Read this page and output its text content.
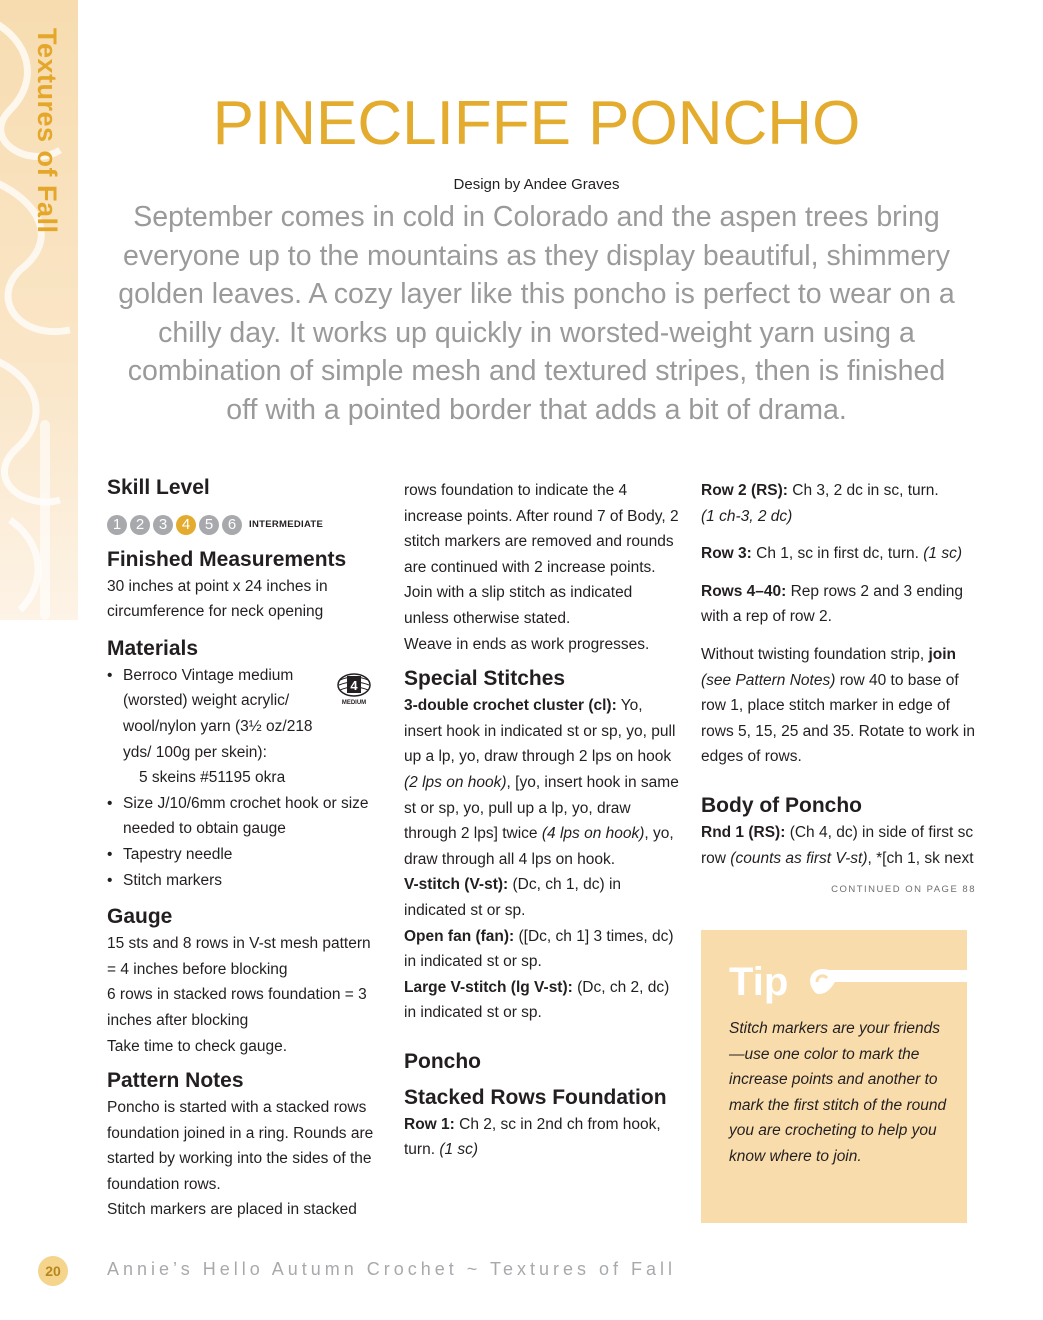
Textures of Fall	PINECLIFFE PONCHO
Design by Andee Graves
September comes in cold in Colorado and the aspen trees bring everyone up to the mountains as they display beautiful, shimmery golden leaves. A cozy layer like this poncho is perfect to wear on a chilly day. It works up quickly in worsted-weight yarn using a combination of simple mesh and textured stripes, then is finished off with a pointed border that adds a bit of drama.
Skill Level
1 2 3 4 5 6	INTERMEDIATE
Finished Measurements

30 inches at point x 24 inches in circumference for neck opening

Materials
4
MEDIUM
• Berroco Vintage medium (worsted) weight acrylic/ wool/nylon yarn (3½ oz/218 yds/ 100g per skein):
5 skeins #51195 okra
• Size J/10/6mm crochet hook or size needed to obtain gauge
• Tapestry needle
• Stitch markers
Gauge

15 sts and 8 rows in V-st mesh pattern = 4 inches before blocking

6 rows in stacked rows foundation = 3 inches after blocking

Take time to check gauge.

Pattern Notes

Poncho is started with a stacked rows foundation joined in a ring. Rounds are started by working into the sides of the foundation rows.

Stitch markers are placed in stacked

rows foundation to indicate the 4 increase points. After round 7 of Body, 2 stitch markers are removed and rounds are continued with 2 increase points.

Join with a slip stitch as indicated unless otherwise stated.

Weave in ends as work progresses.

Special Stitches

3-double crochet cluster (cl): Yo, insert hook in indicated st or sp, yo, pull up a lp, yo, draw through 2 lps on hook (2 lps on hook), [yo, insert hook in same st or sp, yo, pull up a lp, yo, draw through 2 lps] twice (4 lps on hook), yo, draw through all 4 lps on hook.

V-stitch (V-st): (Dc, ch 1, dc) in indicated st or sp.

Open fan (fan): ([Dc, ch 1] 3 times, dc) in indicated st or sp.

Large V-stitch (lg V-st): (Dc, ch 2, dc) in indicated st or sp.

Poncho
Stacked Rows Foundation

Row 1: Ch 2, sc in 2nd ch from hook, turn. (1 sc)

Row 2 (RS): Ch 3, 2 dc in sc, turn.
(1 ch-3, 2 dc)

Row 3: Ch 1, sc in first dc, turn. (1 sc)

Rows 4–40: Rep rows 2 and 3 ending with a rep of row 2.

Without twisting foundation strip, join (see Pattern Notes) row 40 to base of row 1, place stitch marker in edge of rows 5, 15, 25 and 35. Rotate to work in edges of rows.

Body of Poncho

Rnd 1 (RS): (Ch 4, dc) in side of first sc row (counts as first V-st), *[ch 1, sk next

CONTINUED ON PAGE 88
Tip
Stitch markers are your friends—use one color to mark the increase points and another to mark the first stitch of the round you are crocheting to help you know where to join.
20	Annie’s Hello Autumn Crochet ~ Textures of Fall
